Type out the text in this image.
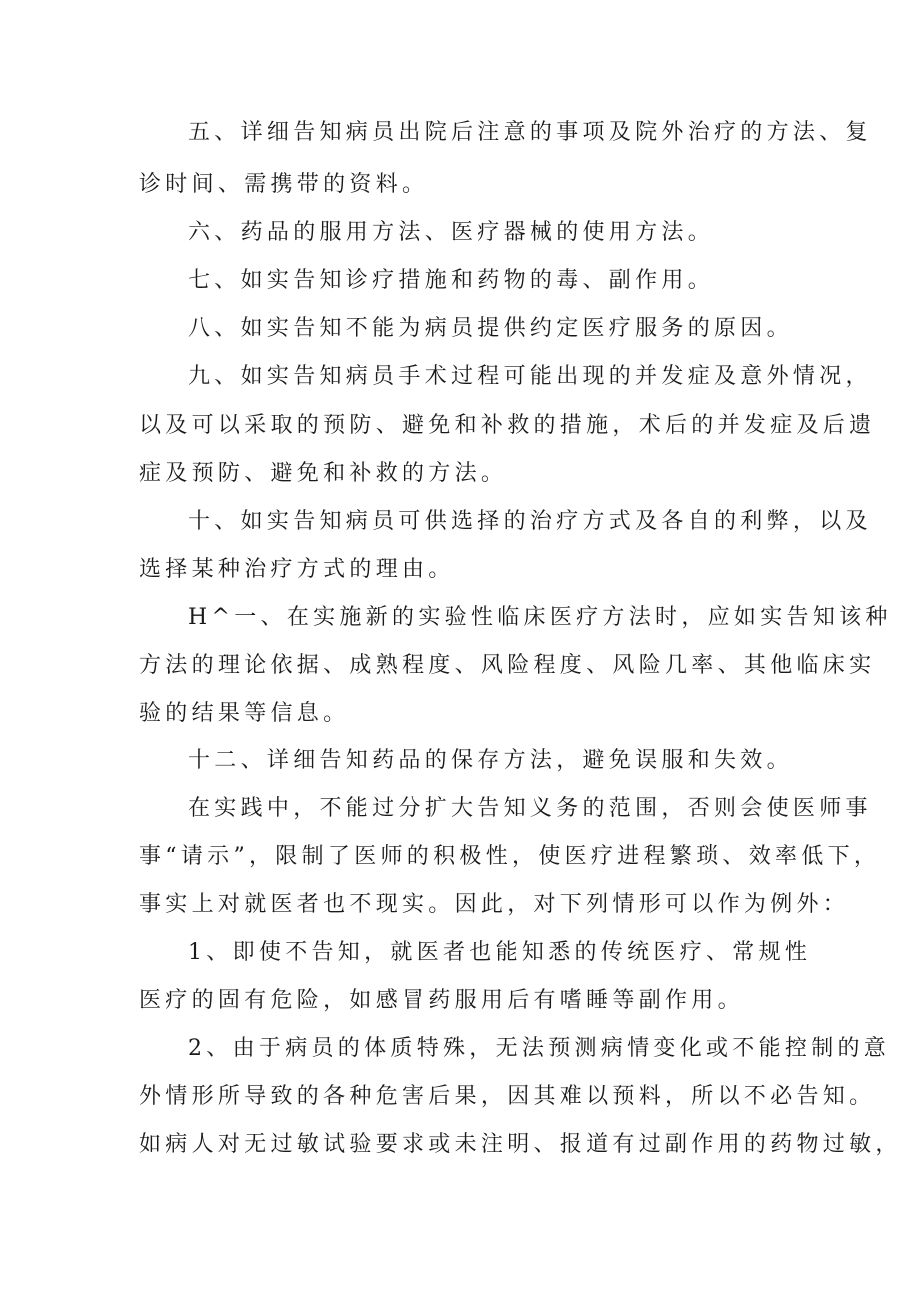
五、详细告知病员出院后注意的事项及院外治疗的方法、复
诊时间、需携带的资料。
六、药品的服用方法、医疗器械的使用方法。
七、如实告知诊疗措施和药物的毒、副作用。
八、如实告知不能为病员提供约定医疗服务的原因。
九、如实告知病员手术过程可能出现的并发症及意外情况，
以及可以采取的预防、避免和补救的措施，术后的并发症及后遗
症及预防、避免和补救的方法。
十、如实告知病员可供选择的治疗方式及各自的利弊，以及
选择某种治疗方式的理由。
H^一、在实施新的实验性临床医疗方法时，应如实告知该种
方法的理论依据、成熟程度、风险程度、风险几率、其他临床实
验的结果等信息。
十二、详细告知药品的保存方法，避免误服和失效。
在实践中，不能过分扩大告知义务的范围，否则会使医师事
事“请示”，限制了医师的积极性，使医疗进程繁琐、效率低下，
事实上对就医者也不现实。因此，对下列情形可以作为例外：
1、即使不告知，就医者也能知悉的传统医疗、常规性
医疗的固有危险，如感冒药服用后有嗜睡等副作用。
2、由于病员的体质特殊，无法预测病情变化或不能控制的意
外情形所导致的各种危害后果，因其难以预料，所以不必告知。
如病人对无过敏试验要求或未注明、报道有过副作用的药物过敏，
